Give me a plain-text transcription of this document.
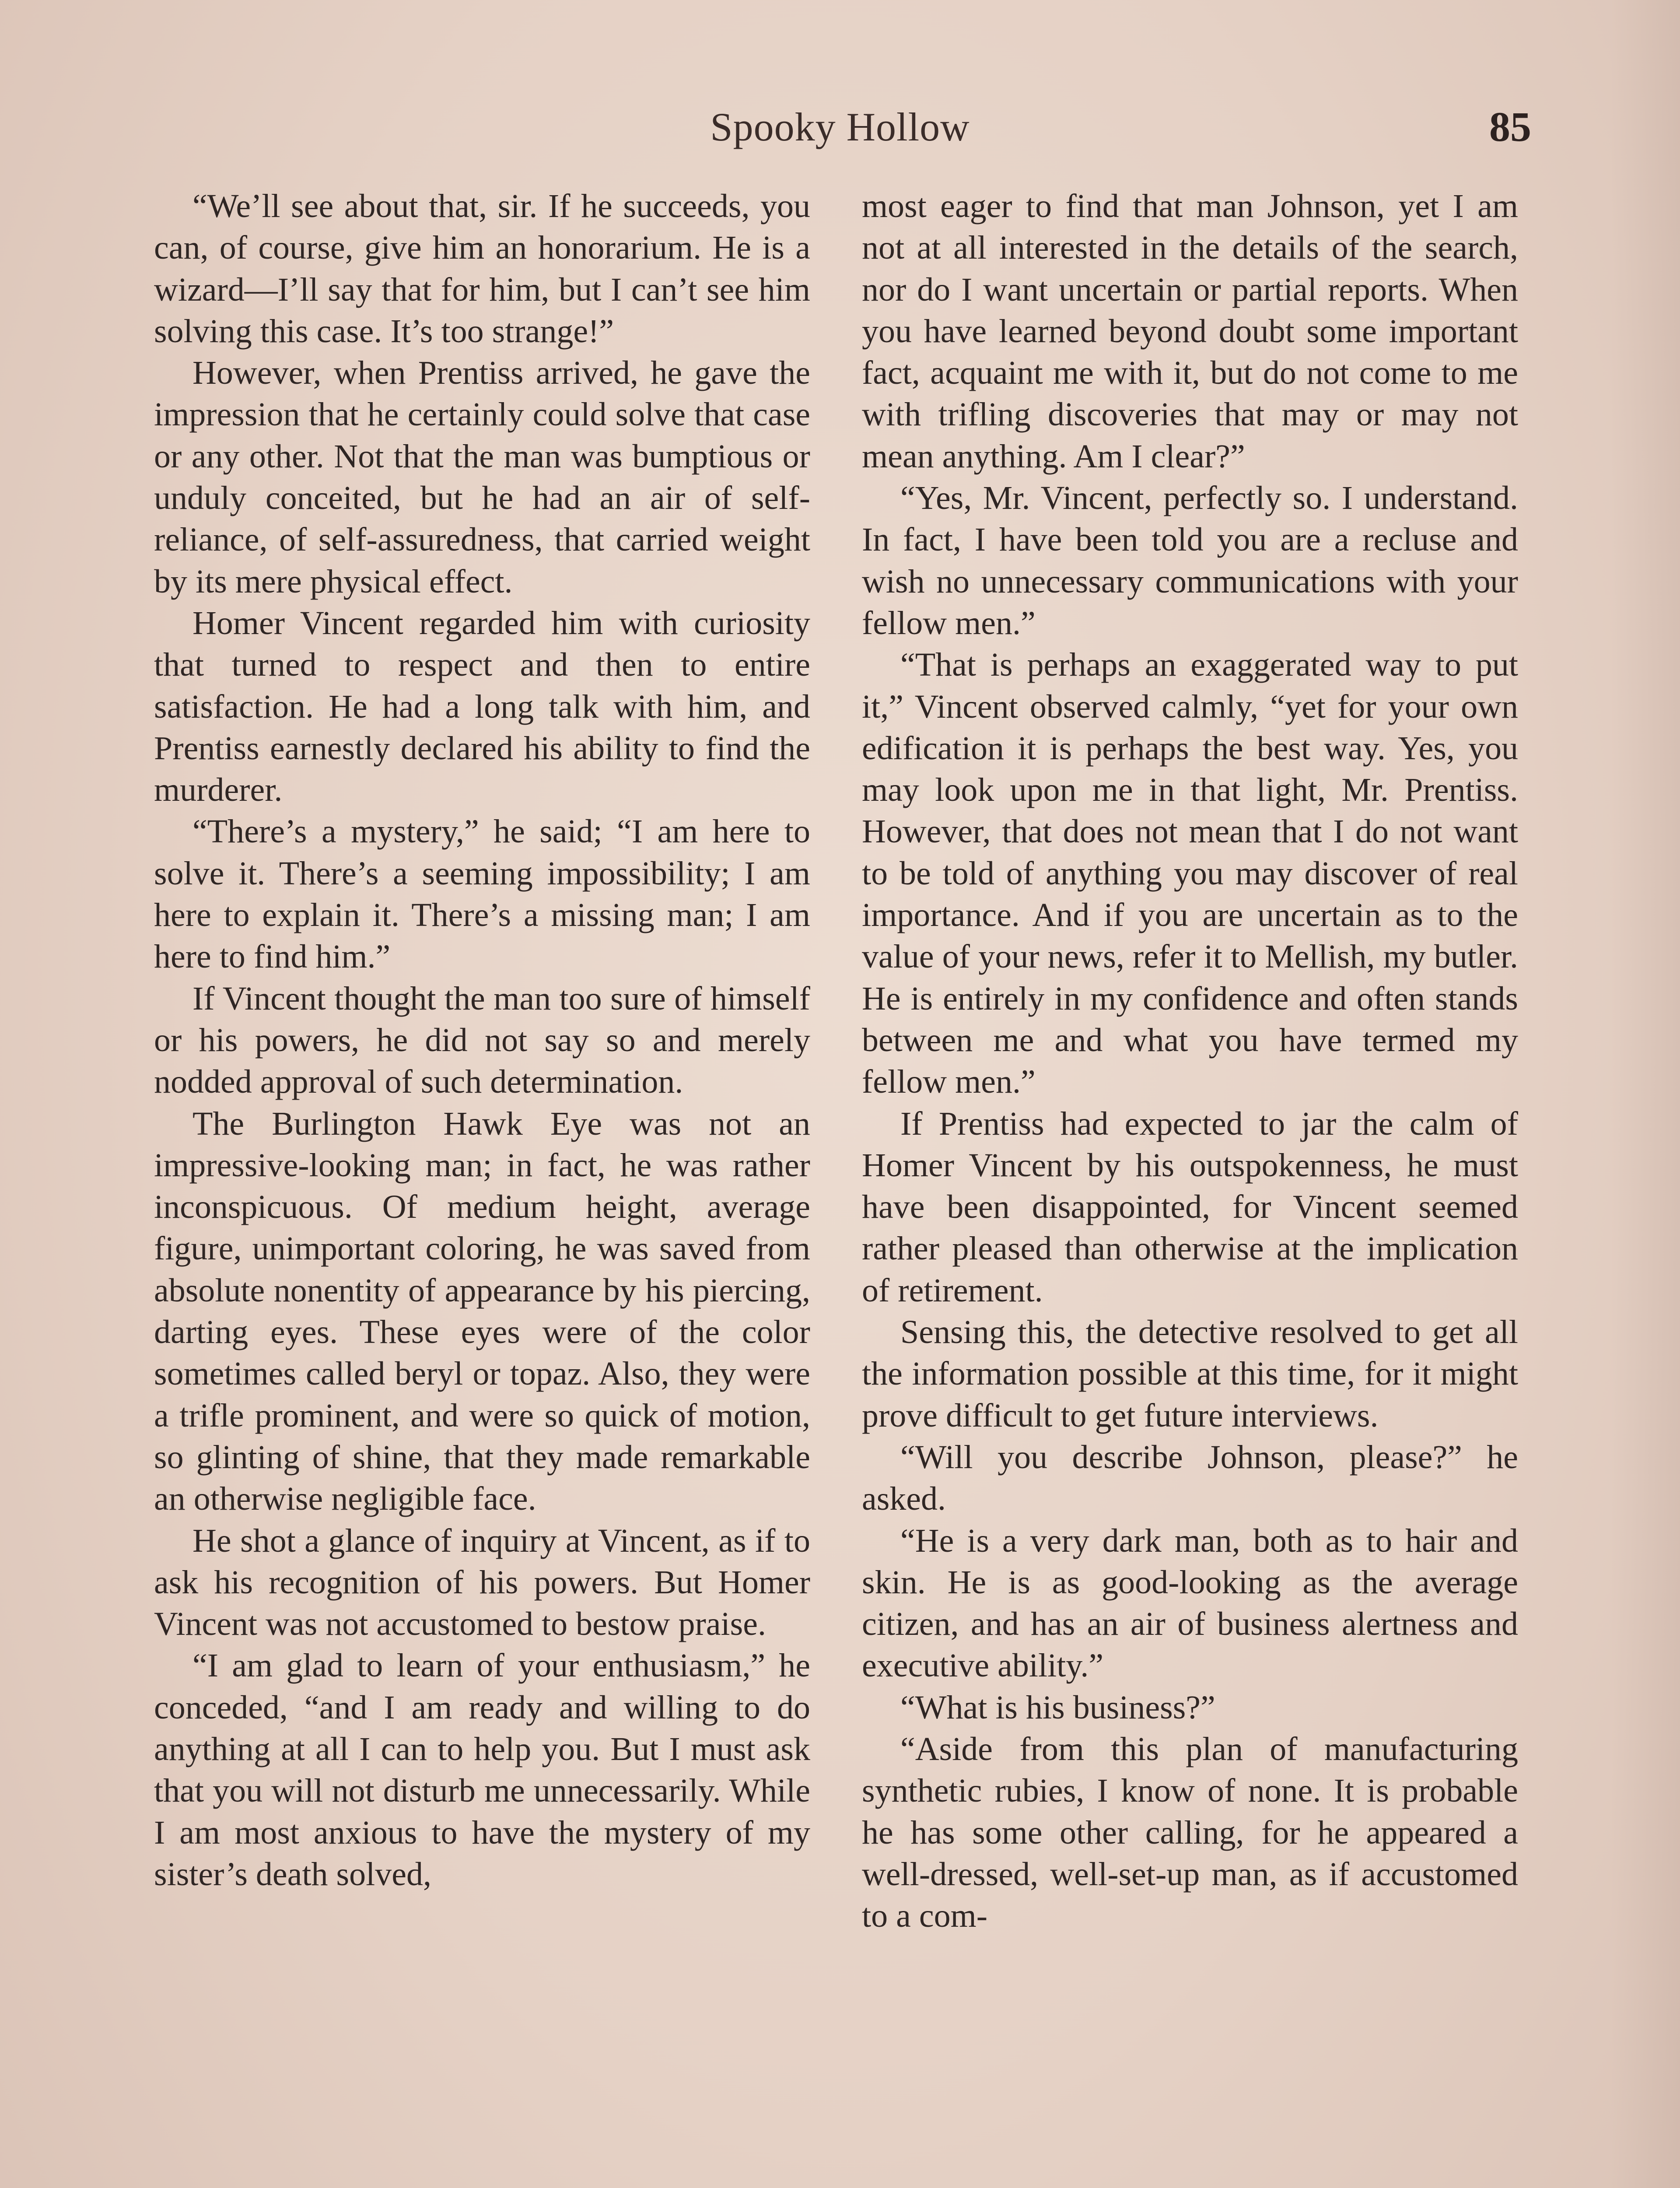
Spooky Hollow	85

“We’ll see about that, sir. If he succeeds, you can, of course, give him an honorarium. He is a wizard—I’ll say that for him, but I can’t see him solving this case. It’s too strange!”

However, when Prentiss arrived, he gave the impression that he certainly could solve that case or any other. Not that the man was bumptious or unduly conceited, but he had an air of self-reliance, of self-assuredness, that carried weight by its mere physical effect.

Homer Vincent regarded him with curiosity that turned to respect and then to entire satisfaction. He had a long talk with him, and Prentiss earnestly declared his ability to find the murderer.

“There’s a mystery,” he said; “I am here to solve it. There’s a seeming impossibility; I am here to explain it. There’s a missing man; I am here to find him.”

If Vincent thought the man too sure of himself or his powers, he did not say so and merely nodded approval of such determination.

The Burlington Hawk Eye was not an impressive-looking man; in fact, he was rather inconspicuous. Of medium height, average figure, unimportant coloring, he was saved from absolute nonentity of appearance by his piercing, darting eyes. These eyes were of the color sometimes called beryl or topaz. Also, they were a trifle prominent, and were so quick of motion, so glinting of shine, that they made remarkable an otherwise negligible face.

He shot a glance of inquiry at Vincent, as if to ask his recognition of his powers. But Homer Vincent was not accustomed to bestow praise.

“I am glad to learn of your enthusiasm,” he conceded, “and I am ready and willing to do anything at all I can to help you. But I must ask that you will not disturb me unnecessarily. While I am most anxious to have the mystery of my sister’s death solved,

most eager to find that man Johnson, yet I am not at all interested in the details of the search, nor do I want uncertain or partial reports. When you have learned beyond doubt some important fact, acquaint me with it, but do not come to me with trifling discoveries that may or may not mean anything. Am I clear?”

“Yes, Mr. Vincent, perfectly so. I understand. In fact, I have been told you are a recluse and wish no unnecessary communications with your fellow men.”

“That is perhaps an exaggerated way to put it,” Vincent observed calmly, “yet for your own edification it is perhaps the best way. Yes, you may look upon me in that light, Mr. Prentiss. However, that does not mean that I do not want to be told of anything you may discover of real importance. And if you are uncertain as to the value of your news, refer it to Mellish, my butler. He is entirely in my confidence and often stands between me and what you have termed my fellow men.”

If Prentiss had expected to jar the calm of Homer Vincent by his outspokenness, he must have been disappointed, for Vincent seemed rather pleased than otherwise at the implication of retirement.

Sensing this, the detective resolved to get all the information possible at this time, for it might prove difficult to get future interviews.

“Will you describe Johnson, please?” he asked.

“He is a very dark man, both as to hair and skin. He is as good-looking as the average citizen, and has an air of business alertness and executive ability.”

“What is his business?”

“Aside from this plan of manufacturing synthetic rubies, I know of none. It is probable he has some other calling, for he appeared a well-dressed, well-set-up man, as if accustomed to a com-
